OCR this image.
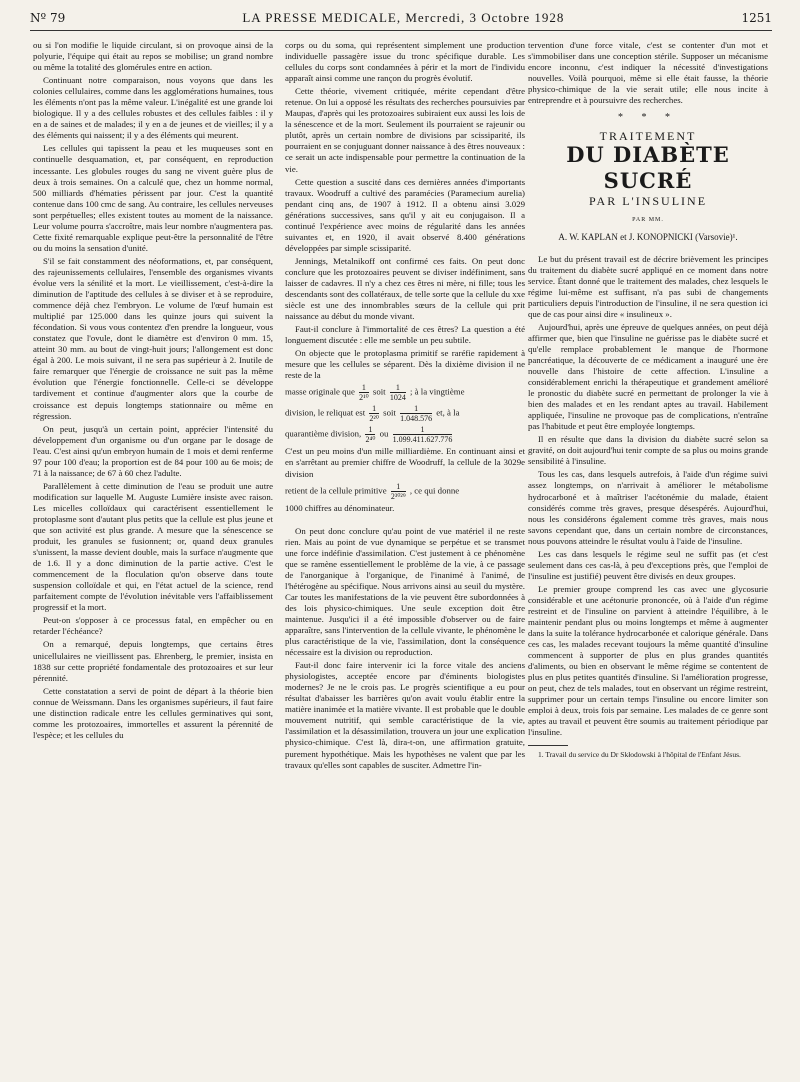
Nº 79	LA PRESSE MEDICALE, Mercredi, 3 Octobre 1928	1251

ou si l'on modifie le liquide circulant, si on provoque ainsi de la polyurie, l'équipe qui était au repos se mobilise; un grand nombre ou même la totalité des glomérules entre en action.

Continuant notre comparaison, nous voyons que dans les colonies cellulaires, comme dans les agglomérations humaines, tous les éléments n'ont pas la même valeur. L'inégalité est une grande loi biologique. Il y a des cellules robustes et des cellules faibles : il y en a de saines et de malades; il y en a de jeunes et de vieilles; il y a des éléments qui naissent; il y a des éléments qui meurent.

Les cellules qui tapissent la peau et les muqueuses sont en continuelle desquamation, et, par conséquent, en reproduction incessante. Les globules rouges du sang ne vivent guère plus de deux à trois semaines. On a calculé que, chez un homme normal, 500 milliards d'hématies périssent par jour. C'est la quantité contenue dans 100 cmc de sang. Au contraire, les cellules nerveuses sont perpétuelles; elles existent toutes au moment de la naissance. Leur volume pourra s'accroître, mais leur nombre n'augmentera pas. Cette fixité remarquable explique peut-être la personnalité de l'être ou du moins la sensation d'unité.

S'il se fait constamment des néoformations, et, par conséquent, des rajeunissements cellulaires, l'ensemble des organismes vivants évolue vers la sénilité et la mort. Le vieillissement, c'est-à-dire la diminution de l'aptitude des cellules à se diviser et à se reproduire, commence déjà chez l'embryon. Le volume de l'œuf humain est multiplié par 125.000 dans les quinze jours qui suivent la fécondation. Si vous vous contentez d'en prendre la longueur, vous constatez que l'ovule, dont le diamètre est d'environ 0 mm. 15, atteint 30 mm. au bout de vingt-huit jours; l'allongement est donc égal à 200. Le mois suivant, il ne sera pas supérieur à 2. Inutile de faire remarquer que l'énergie de croissance ne suit pas la même évolution que l'énergie fonctionnelle. Celle-ci se développe tardivement et continue d'augmenter alors que la courbe de croissance est depuis longtemps stationnaire ou même en régression.

On peut, jusqu'à un certain point, apprécier l'intensité du développement d'un organisme ou d'un organe par le dosage de l'eau. C'est ainsi qu'un embryon humain de 1 mois et demi renferme 97 pour 100 d'eau; la proportion est de 84 pour 100 au 6e mois; de 71 à la naissance; de 67 à 60 chez l'adulte.

Parallèlement à cette diminution de l'eau se produit une autre modification sur laquelle M. Auguste Lumière insiste avec raison. Les micelles colloïdaux qui caractérisent essentiellement le protoplasme sont d'autant plus petits que la cellule est plus jeune et que son activité est plus grande. A mesure que la sénescence se produit, les granules se fusionnent; or, quand deux granules s'unissent, la masse devient double, mais la surface n'augmente que de 1.6. Il y a donc diminution de la partie active. C'est le commencement de la floculation qu'on observe dans toute suspension colloïdale et qui, en l'état actuel de la science, rend parfaitement compte de l'évolution inévitable vers l'affaiblissement progressif et la mort.

Peut-on s'opposer à ce processus fatal, en empêcher ou en retarder l'échéance?

On a remarqué, depuis longtemps, que certains êtres unicellulaires ne vieillissent pas. Ehrenberg, le premier, insista en 1838 sur cette propriété fondamentale des protozoaires et sur leur pérennité.

Cette constatation a servi de point de départ à la théorie bien connue de Weissmann. Dans les organismes supérieurs, il faut faire une distinction radicale entre les cellules germinatives qui sont, comme les protozoaires, immortelles et assurent la pérennité de l'espèce; et les cellules du

corps ou du soma, qui représentent simplement une production individuelle passagère issue du tronc spécifique durable. Les cellules du corps sont condamnées à périr et la mort de l'individu apparaît ainsi comme une rançon du progrès évolutif.

Cette théorie, vivement critiquée, mérite cependant d'être retenue. On lui a opposé les résultats des recherches poursuivies par Maupas, d'après qui les protozoaires subiraient eux aussi les lois de la sénescence et de la mort. Seulement ils pourraient se rajeunir ou plutôt, après un certain nombre de divisions par scissiparité, ils pourraient en se conjuguant donner naissance à des êtres nouveaux : ce serait un acte indispensable pour permettre la continuation de la vie.

Cette question a suscité dans ces dernières années d'importants travaux. Woodruff a cultivé des paramécies (Paramecium aurelia) pendant cinq ans, de 1907 à 1912. Il a obtenu ainsi 3.029 générations successives, sans qu'il y ait eu conjugaison. Il a continué l'expérience avec moins de régularité dans les années suivantes et, en 1920, il avait observé 8.400 générations développées par simple scissiparité.

Jennings, Metalnikoff ont confirmé ces faits. On peut donc conclure que les protozoaires peuvent se diviser indéfiniment, sans laisser de cadavres. Il n'y a chez ces êtres ni mère, ni fille; tous les descendants sont des collatéraux, de telle sorte que la cellule du xxe siècle est une des innombrables sœurs de la cellule qui prit naissance au début du monde vivant.

Faut-il conclure à l'immortalité de ces êtres? La question a été longuement discutée : elle me semble un peu subtile.

On objecte que le protoplasma primitif se raréfie rapidement à mesure que les cellules se séparent. Dès la dixième division il ne reste de la

masse originale que $\frac{1}{\text{2¹⁰}}$ soit $\frac{1}{1024}$ ; à la vingtième

division, le reliquat est $\frac{1}{\text{2²⁰}}$ soit $\frac{1}{1.048.576}$ et, à la

quarantième division, $\frac{1}{\text{2⁴⁰}}$ ou $\frac{1}{1.099.411.627.776}$

C'est un peu moins d'un mille milliardième. En continuant ainsi et en s'arrêtant au premier chiffre de Woodruff, la cellule de la 3029e division

retient de la cellule primitive $\frac{1}{\text{2³⁰²⁹}}$ , ce qui donne

1000 chiffres au dénominateur.

On peut donc conclure qu'au point de vue matériel il ne reste rien. Mais au point de vue dynamique se perpétue et se transmet une force indéfinie d'assimilation. C'est justement à ce phénomène que se ramène essentiellement le problème de la vie, à ce passage de l'anorganique à l'organique, de l'inanimé à l'animé, de l'hétérogène au spécifique. Nous arrivons ainsi au seuil du mystère. Car toutes les manifestations de la vie peuvent être subordonnées à des lois physico-chimiques. Une seule exception doit être maintenue. Jusqu'ici il a été impossible d'observer ou de faire apparaître, sans l'intervention de la cellule vivante, le phénomène le plus caractéristique de la vie, l'assimilation, dont la conséquence nécessaire est la division ou reproduction.

Faut-il donc faire intervenir ici la force vitale des anciens physiologistes, acceptée encore par d'éminents biologistes modernes? Je ne le crois pas. Le progrès scientifique a eu pour résultat d'abaisser les barrières qu'on avait voulu établir entre la matière inanimée et la matière vivante. Il est probable que le double mouvement nutritif, qui semble caractéristique de la vie, l'assimilation et la désassimilation, trouvera un jour une explication physico-chimique. C'est là, dira-t-on, une affirmation gratuite, purement hypothétique. Mais les hypothèses ne valent que par les travaux qu'elles sont capables de susciter. Admettre l'in-

tervention d'une force vitale, c'est se contenter d'un mot et s'immobiliser dans une conception stérile. Supposer un mécanisme encore inconnu, c'est indiquer la nécessité d'investigations nouvelles. Voilà pourquoi, même si elle était fausse, la théorie physico-chimique de la vie serait utile; elle nous incite à entreprendre et à poursuivre des recherches.

* * *
TRAITEMENT
DU DIABÈTE SUCRÉ
PAR L'INSULINE
PAR MM.
A. W. KAPLAN et J. KONOPNICKI (Varsovie)¹.

Le but du présent travail est de décrire brièvement les principes du traitement du diabète sucré appliqué en ce moment dans notre service. Étant donné que le traitement des malades, chez lesquels le régime lui-même est suffisant, n'a pas subi de changements particuliers depuis l'introduction de l'insuline, il ne sera question ici que de cas pour ainsi dire « insulineux ».

Aujourd'hui, après une épreuve de quelques années, on peut déjà affirmer que, bien que l'insuline ne guérisse pas le diabète sucré et qu'elle remplace probablement le manque de l'hormone pancréatique, la découverte de ce médicament a inauguré une ère nouvelle dans l'histoire de cette affection. L'insuline a considérablement enrichi la thérapeutique et grandement amélioré le pronostic du diabète sucré en permettant de prolonger la vie à bien des malades et en les rendant aptes au travail. Habilement appliquée, l'insuline ne provoque pas de complications, n'entraîne pas l'habitude et peut être employée longtemps.

Il en résulte que dans la division du diabète sucré selon sa gravité, on doit aujourd'hui tenir compte de sa plus ou moins grande sensibilité à l'insuline.

Tous les cas, dans lesquels autrefois, à l'aide d'un régime suivi assez longtemps, on n'arrivait à améliorer le métabolisme hydrocarboné et à maîtriser l'acétonémie du malade, étaient considérés comme très graves, presque désespérés. Aujourd'hui, nous les considérons également comme très graves, mais nous savons cependant que, dans un certain nombre de circonstances, nous pouvons atteindre le résultat voulu à l'aide de l'insuline.

Les cas dans lesquels le régime seul ne suffit pas (et c'est seulement dans ces cas-là, à peu d'exceptions près, que l'emploi de l'insuline est justifié) peuvent être divisés en deux groupes.

Le premier groupe comprend les cas avec une glycosurie considérable et une acétonurie prononcée, où à l'aide d'un régime restreint et de l'insuline on parvient à atteindre l'équilibre, à le maintenir pendant plus ou moins longtemps et même à augmenter dans la suite la tolérance hydrocarbonée et calorique générale. Dans ces cas, les malades recevant toujours la même quantité d'insuline commencent à supporter de plus en plus grandes quantités d'aliments, ou bien en observant le même régime se contentent de plus en plus petites quantités d'insuline. Si l'amélioration progresse, on peut, chez de tels malades, tout en observant un régime restreint, supprimer pour un certain temps l'insuline ou encore limiter son emploi à deux, trois fois par semaine. Les malades de ce genre sont aptes au travail et peuvent être soumis au traitement périodique par l'insuline.

1. Travail du service du Dr Skłodowski à l'hôpital de l'Enfant Jésus.
